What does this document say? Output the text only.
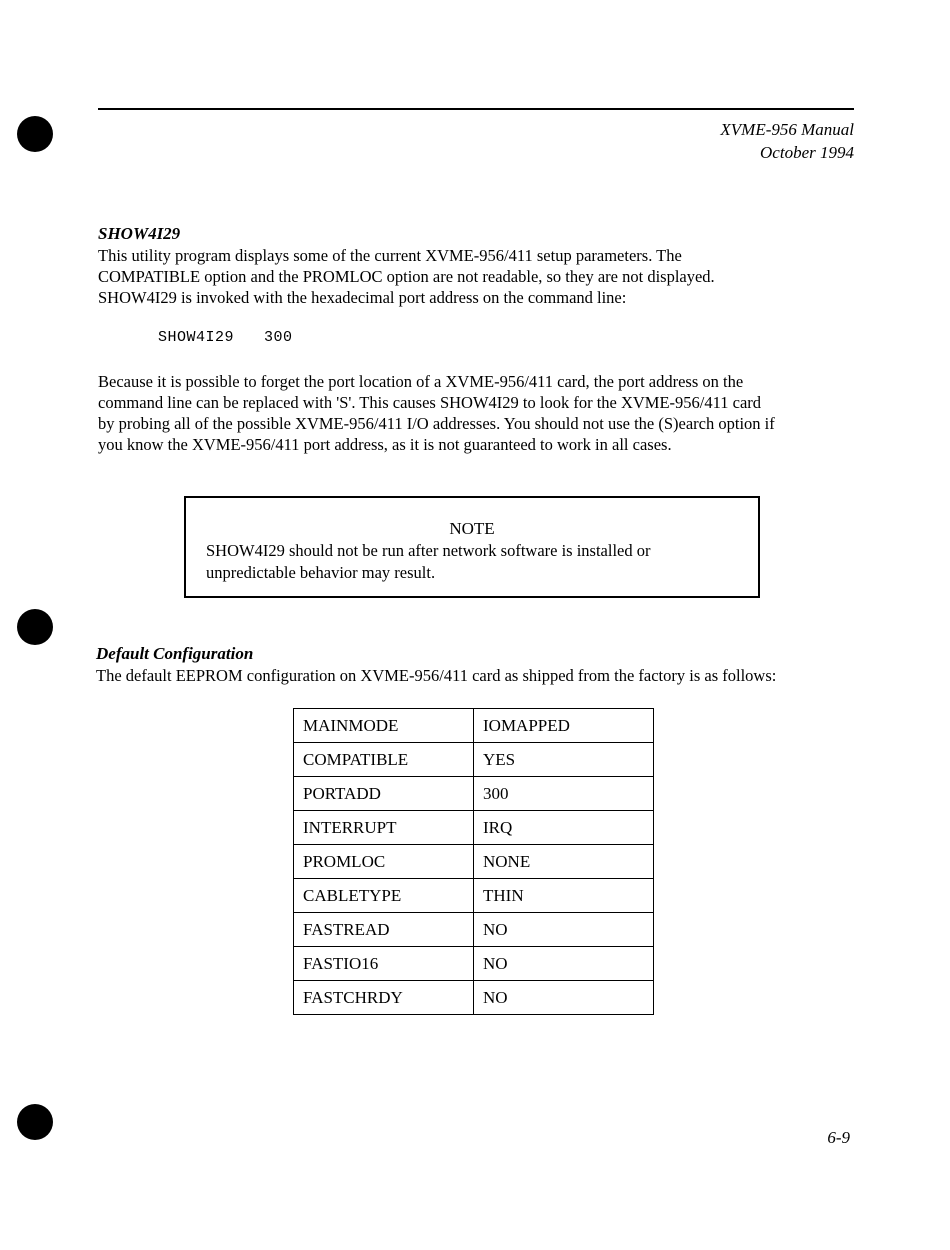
XVME-956 Manual
October 1994
SHOW4I29

This utility program displays some of the current XVME-956/411 setup parameters. The
COMPATIBLE option and the PROMLOC option are not readable, so they are not displayed.
SHOW4I29 is invoked with the hexadecimal port address on the command line:

SHOW4I29 300

Because it is possible to forget the port location of a XVME-956/411 card, the port address on the
command line can be replaced with 'S'. This causes SHOW4I29 to look for the XVME-956/411 card
by probing all of the possible XVME-956/411 I/O addresses. You should not use the (S)earch option if
you know the XVME-956/411 port address, as it is not guaranteed to work in all cases.

NOTE

SHOW4I29 should not be run after network software is installed or
unpredictable behavior may result.

Default Configuration

The default EEPROM configuration on XVME-956/411 card as shipped from the factory is as follows:

MAINMODE	IOMAPPED
COMPATIBLE	YES
PORTADD	300
INTERRUPT	IRQ
PROMLOC	NONE
CABLETYPE	THIN
FASTREAD	NO
FASTIO16	NO
FASTCHRDY	NO
6-9
